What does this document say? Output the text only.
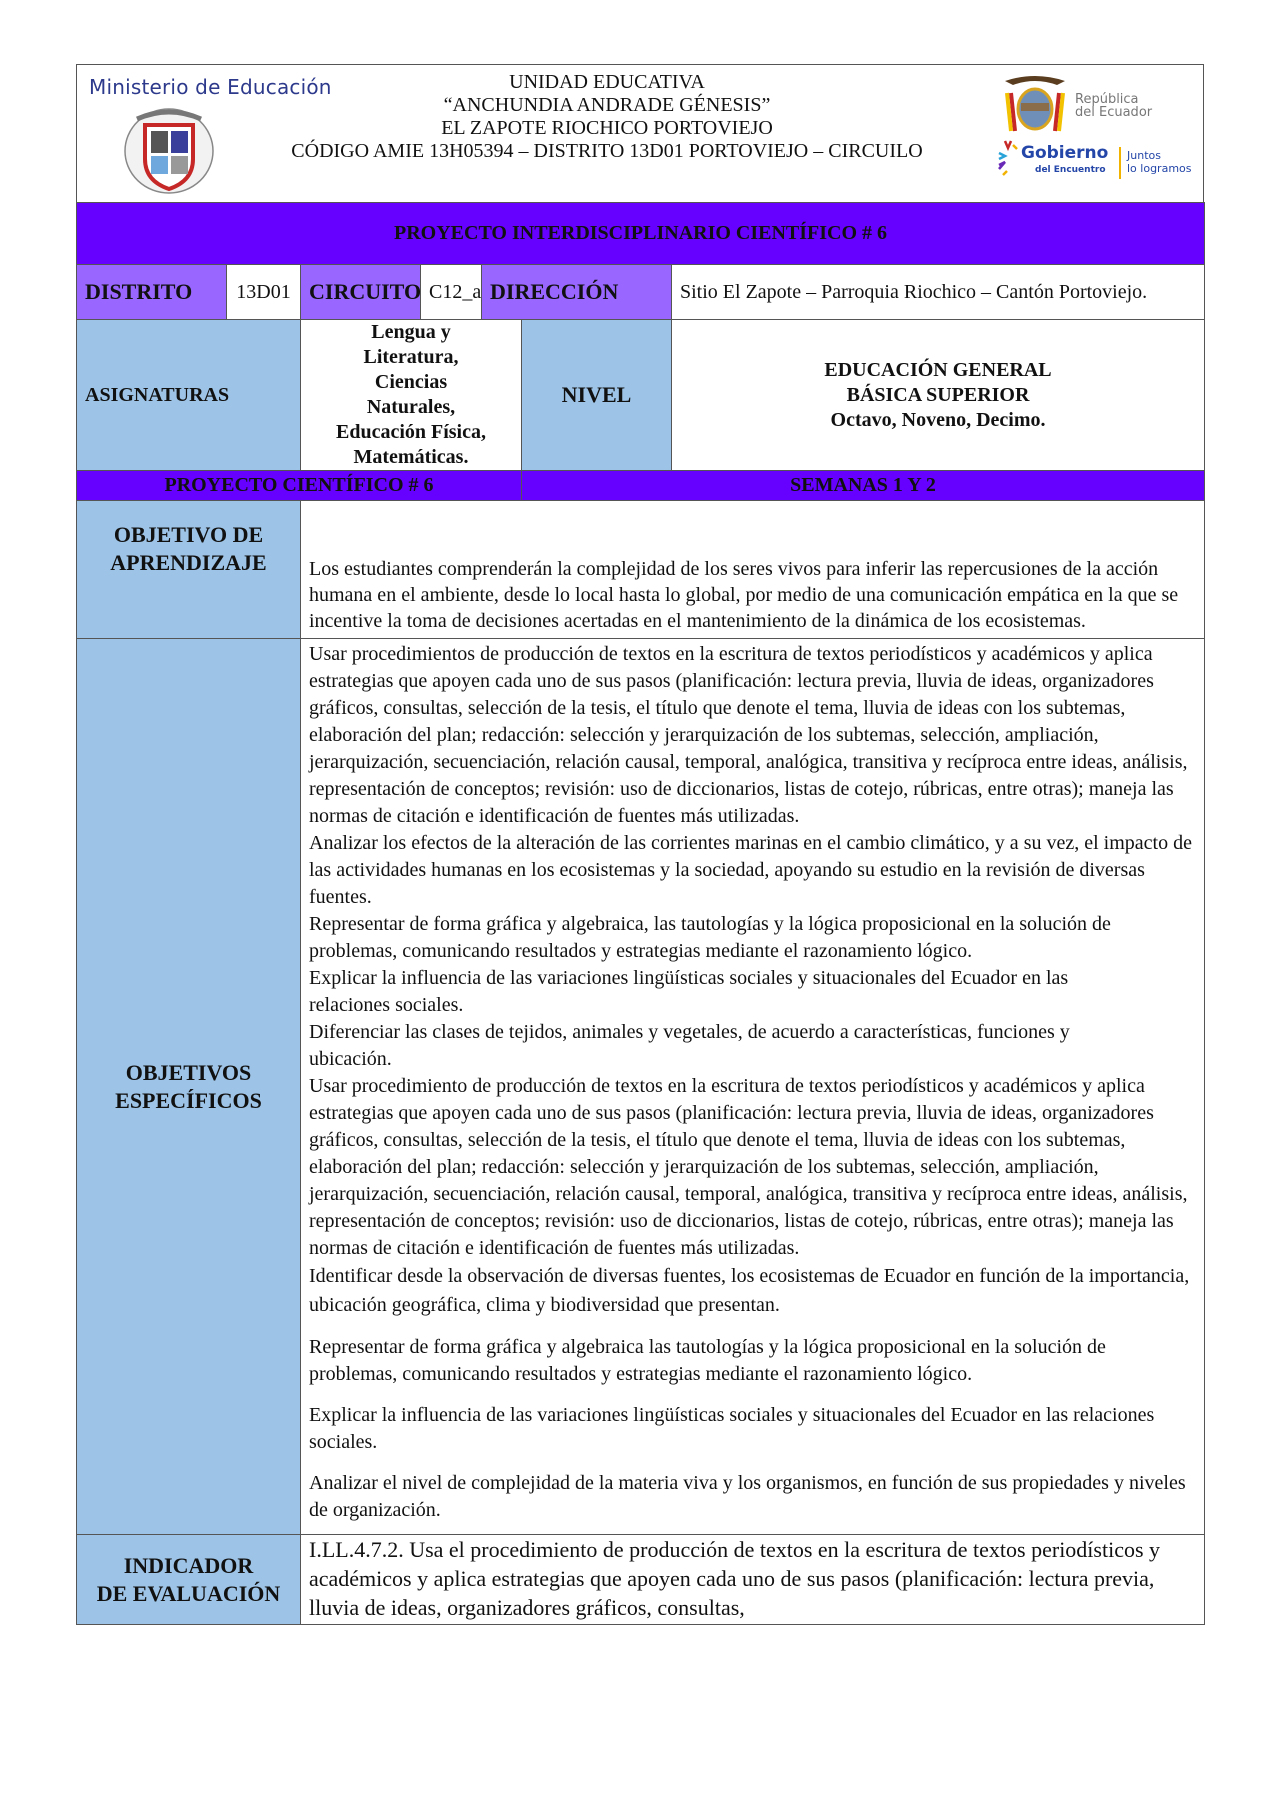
Ministerio de Educación	UNIDAD EDUCATIVA
“ANCHUNDIA ANDRADE GÉNESIS”
EL ZAPOTE RIOCHICO PORTOVIEJO
CÓDIGO AMIE 13H05394 – DISTRITO 13D01 PORTOVIEJO – CIRCUILO
República
del Ecuador
Gobierno
del Encuentro
Juntos
lo logramos
PROYECTO INTERDISCIPLINARIO CIENTÍFICO # 6						
DISTRITO	13D01	CIRCUITO	C12_a	DIRECCIÓN		Sitio El Zapote – Parroquia Riochico – Cantón Portoviejo.
ASIGNATURAS		Lengua y Literatura, Ciencias Naturales, Educación Física, Matemáticas.			NIVEL	EDUCACIÓN GENERAL
BÁSICA SUPERIOR
Octavo, Noveno, Decimo.

PROYECTO CIENTÍFICO # 6					SEMANAS 1 Y 2	

OBJETIVO DE
APRENDIZAJE		Los estudiantes comprenderán la complejidad de los seres vivos para inferir las repercusiones de la acción humana en el ambiente, desde lo local hasta lo global, por medio de una comunicación empática en la que se incentive la toma de decisiones acertadas en el mantenimiento de la dinámica de los ecosistemas.				

OBJETIVOS
ESPECÍFICOS

Usar procedimientos de producción de textos en la escritura de textos periodísticos y académicos y aplica estrategias que apoyen cada uno de sus pasos (planificación: lectura previa, lluvia de ideas, organizadores gráficos, consultas, selección de la tesis, el título que denote el tema, lluvia de ideas con los subtemas, elaboración del plan; redacción: selección y jerarquización de los subtemas, selección, ampliación, jerarquización, secuenciación, relación causal, temporal, analógica, transitiva y recíproca entre ideas, análisis, representación de conceptos; revisión: uso de diccionarios, listas de cotejo, rúbricas, entre otras); maneja las normas de citación e identificación de fuentes más utilizadas.

Analizar los efectos de la alteración de las corrientes marinas en el cambio climático, y a su vez, el impacto de las actividades humanas en los ecosistemas y la sociedad, apoyando su estudio en la revisión de diversas fuentes.

Representar de forma gráfica y algebraica, las tautologías y la lógica proposicional en la solución de problemas, comunicando resultados y estrategias mediante el razonamiento lógico.

Explicar la influencia de las variaciones lingüísticas sociales y situacionales del Ecuador en las relaciones sociales.

Diferenciar las clases de tejidos, animales y vegetales, de acuerdo a características, funciones y ubicación.

Usar procedimiento de producción de textos en la escritura de textos periodísticos y académicos y aplica estrategias que apoyen cada uno de sus pasos (planificación: lectura previa, lluvia de ideas, organizadores gráficos, consultas, selección de la tesis, el título que denote el tema, lluvia de ideas con los subtemas, elaboración del plan; redacción: selección y jerarquización de los subtemas, selección, ampliación, jerarquización, secuenciación, relación causal, temporal, analógica, transitiva y recíproca entre ideas, análisis, representación de conceptos; revisión: uso de diccionarios, listas de cotejo, rúbricas, entre otras); maneja las normas de citación e identificación de fuentes más utilizadas.

Identificar desde la observación de diversas fuentes, los ecosistemas de Ecuador en función de la importancia, ubicación geográfica, clima y biodiversidad que presentan.

Representar de forma gráfica y algebraica las tautologías y la lógica proposicional en la solución de problemas, comunicando resultados y estrategias mediante el razonamiento lógico.

Explicar la influencia de las variaciones lingüísticas sociales y situacionales del Ecuador en las relaciones sociales.

Analizar el nivel de complejidad de la materia viva y los organismos, en función de sus propiedades y niveles de organización.

INDICADOR
DE EVALUACIÓN		I.LL.4.7.2. Usa el procedimiento de producción de textos en la escritura de textos periodísticos y académicos y aplica estrategias que apoyen cada uno de sus pasos (planificación: lectura previa, lluvia de ideas, organizadores gráficos, consultas,				
